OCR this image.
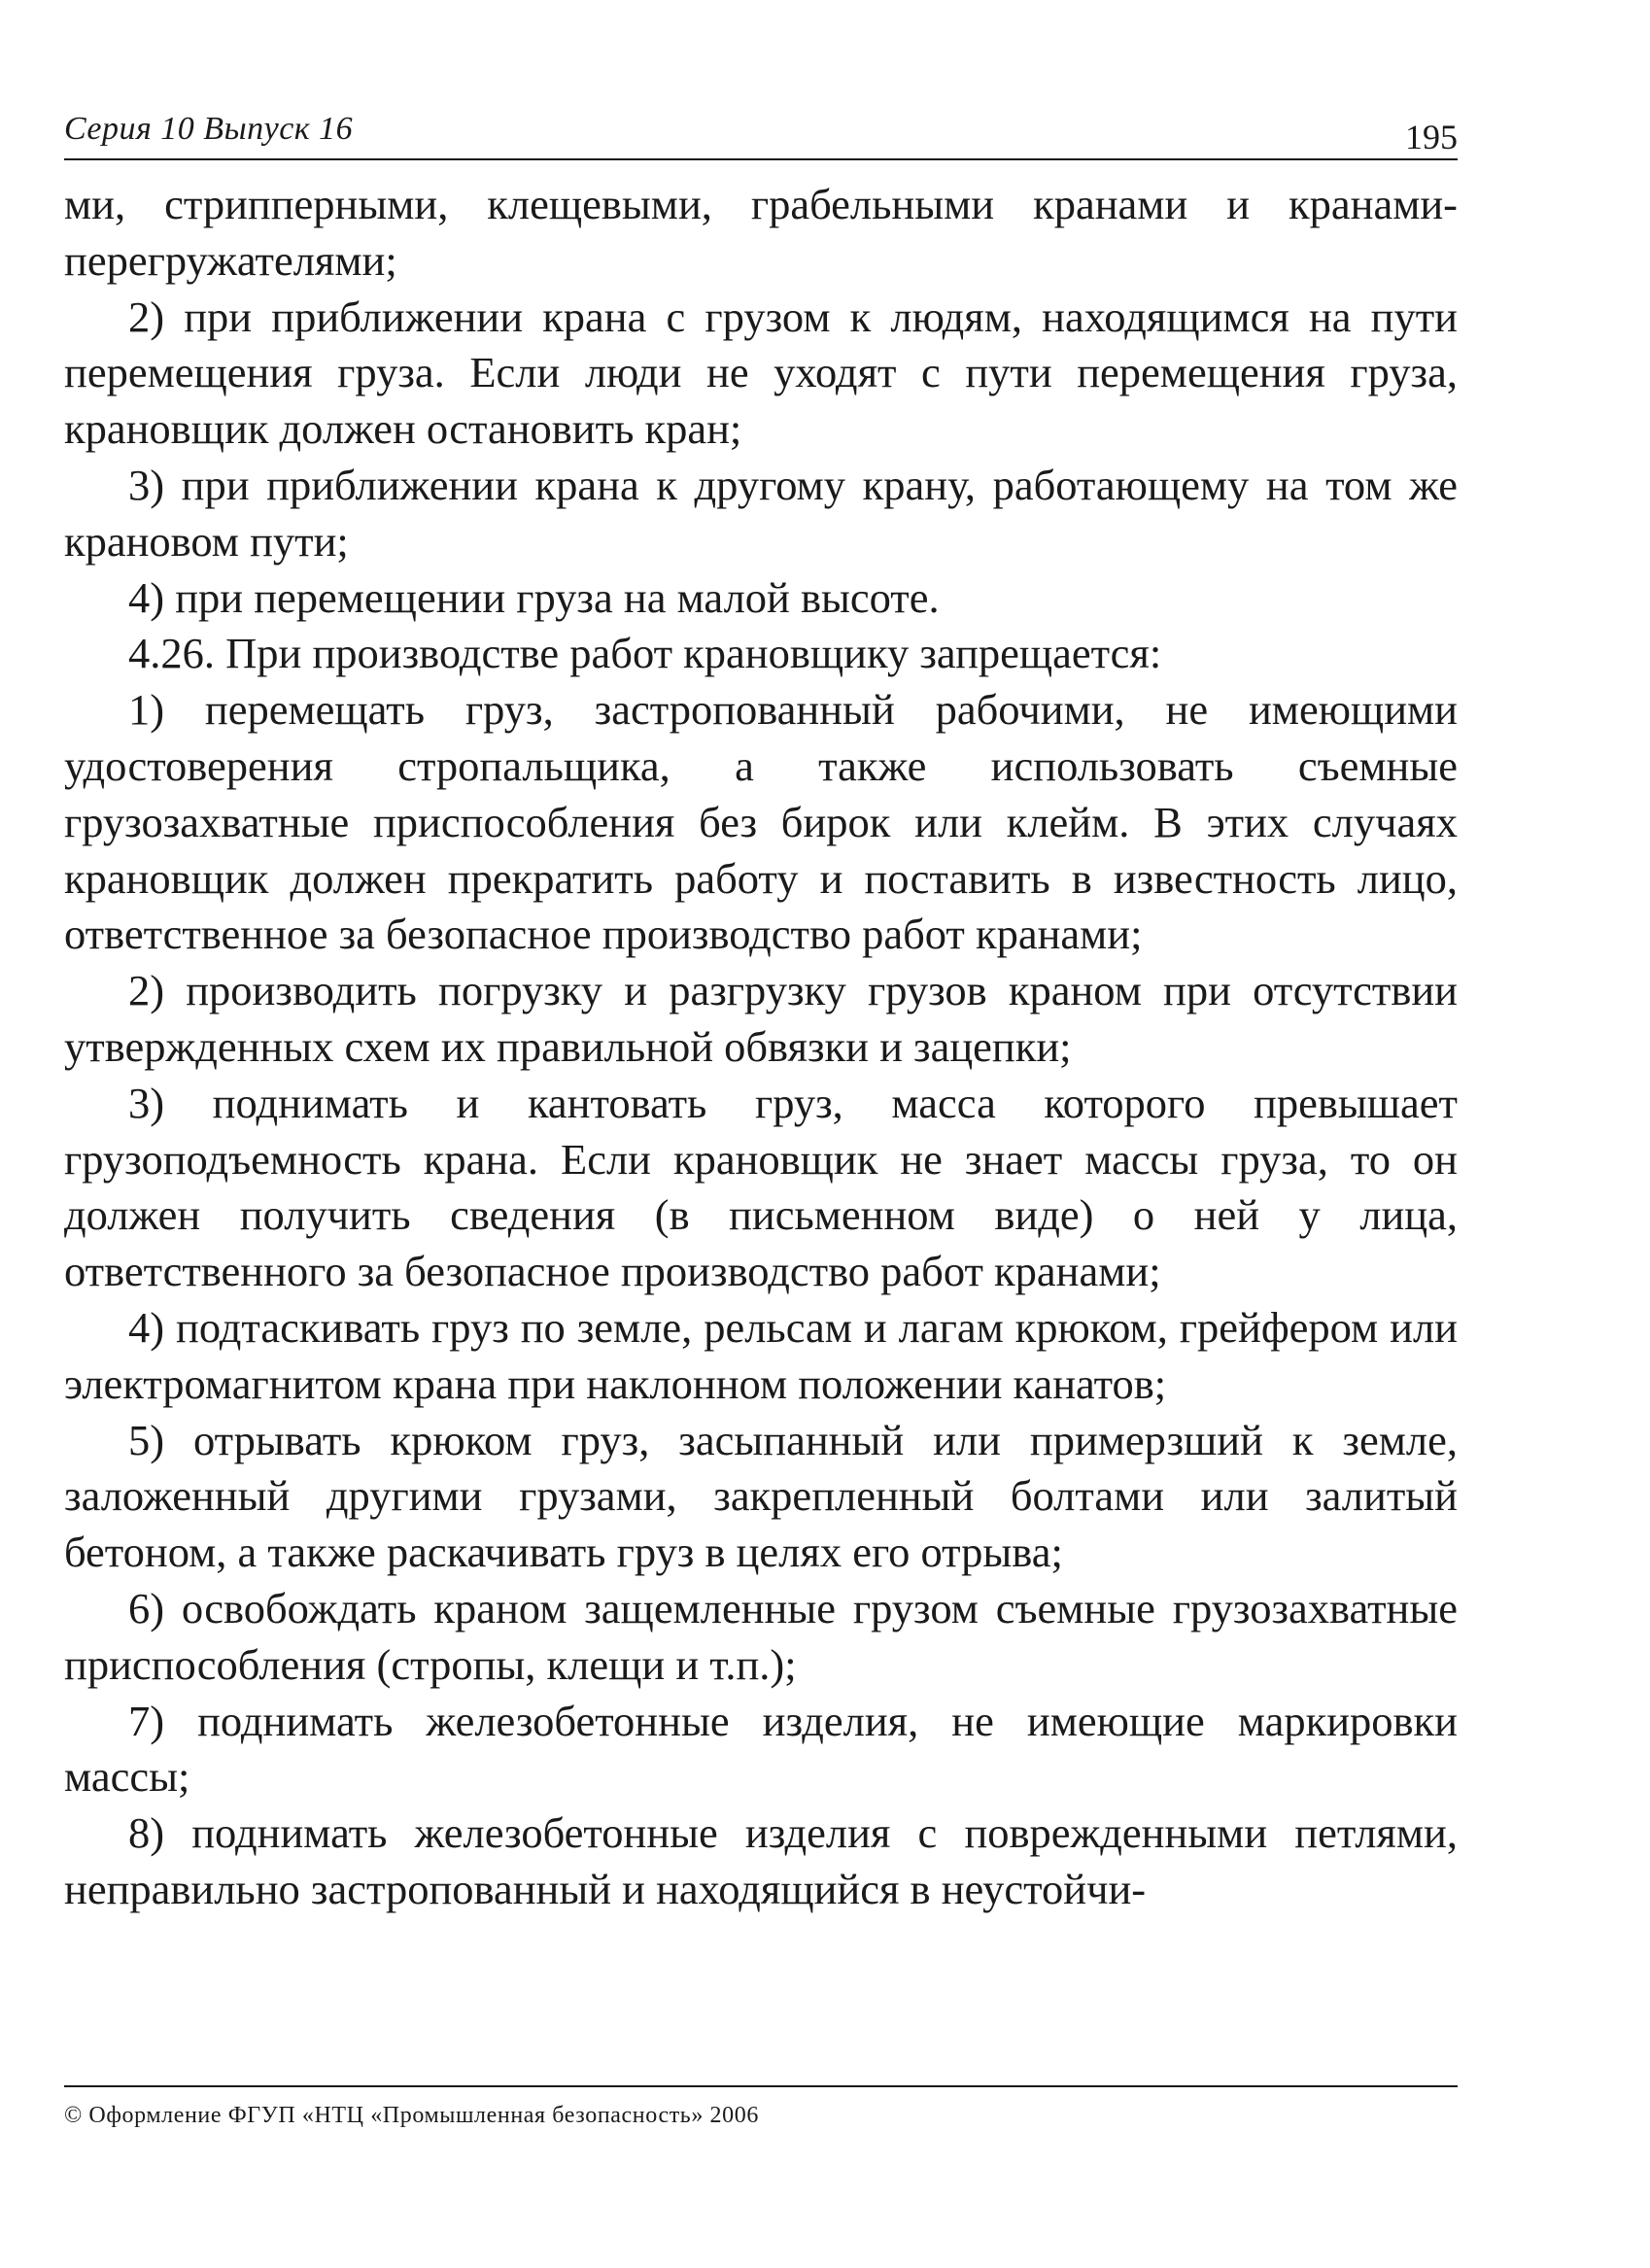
Серия 10 Выпуск 16	195

ми, стрипперными, клещевыми, грабельными кранами и кранами-перегружателями;

2) при приближении крана с грузом к людям, находящимся на пути перемещения груза. Если люди не уходят с пути перемещения груза, крановщик должен остановить кран;

3) при приближении крана к другому крану, работающему на том же крановом пути;

4) при перемещении груза на малой высоте.

4.26. При производстве работ крановщику запрещается:

1) перемещать груз, застропованный рабочими, не имеющими удостоверения стропальщика, а также использовать съемные грузозахватные приспособления без бирок или клейм. В этих случаях крановщик должен прекратить работу и поставить в известность лицо, ответственное за безопасное производство работ кранами;

2) производить погрузку и разгрузку грузов краном при отсутствии утвержденных схем их правильной обвязки и зацепки;

3) поднимать и кантовать груз, масса которого превышает грузоподъемность крана. Если крановщик не знает массы груза, то он должен получить сведения (в письменном виде) о ней у лица, ответственного за безопасное производство работ кранами;

4) подтаскивать груз по земле, рельсам и лагам крюком, грейфером или электромагнитом крана при наклонном положении канатов;

5) отрывать крюком груз, засыпанный или примерзший к земле, заложенный другими грузами, закрепленный болтами или залитый бетоном, а также раскачивать груз в целях его отрыва;

6) освобождать краном защемленные грузом съемные грузозахватные приспособления (стропы, клещи и т.п.);

7) поднимать железобетонные изделия, не имеющие маркировки массы;

8) поднимать железобетонные изделия с поврежденными петлями, неправильно застропованный и находящийся в неустойчи-

© Оформление ФГУП «НТЦ «Промышленная безопасность» 2006
